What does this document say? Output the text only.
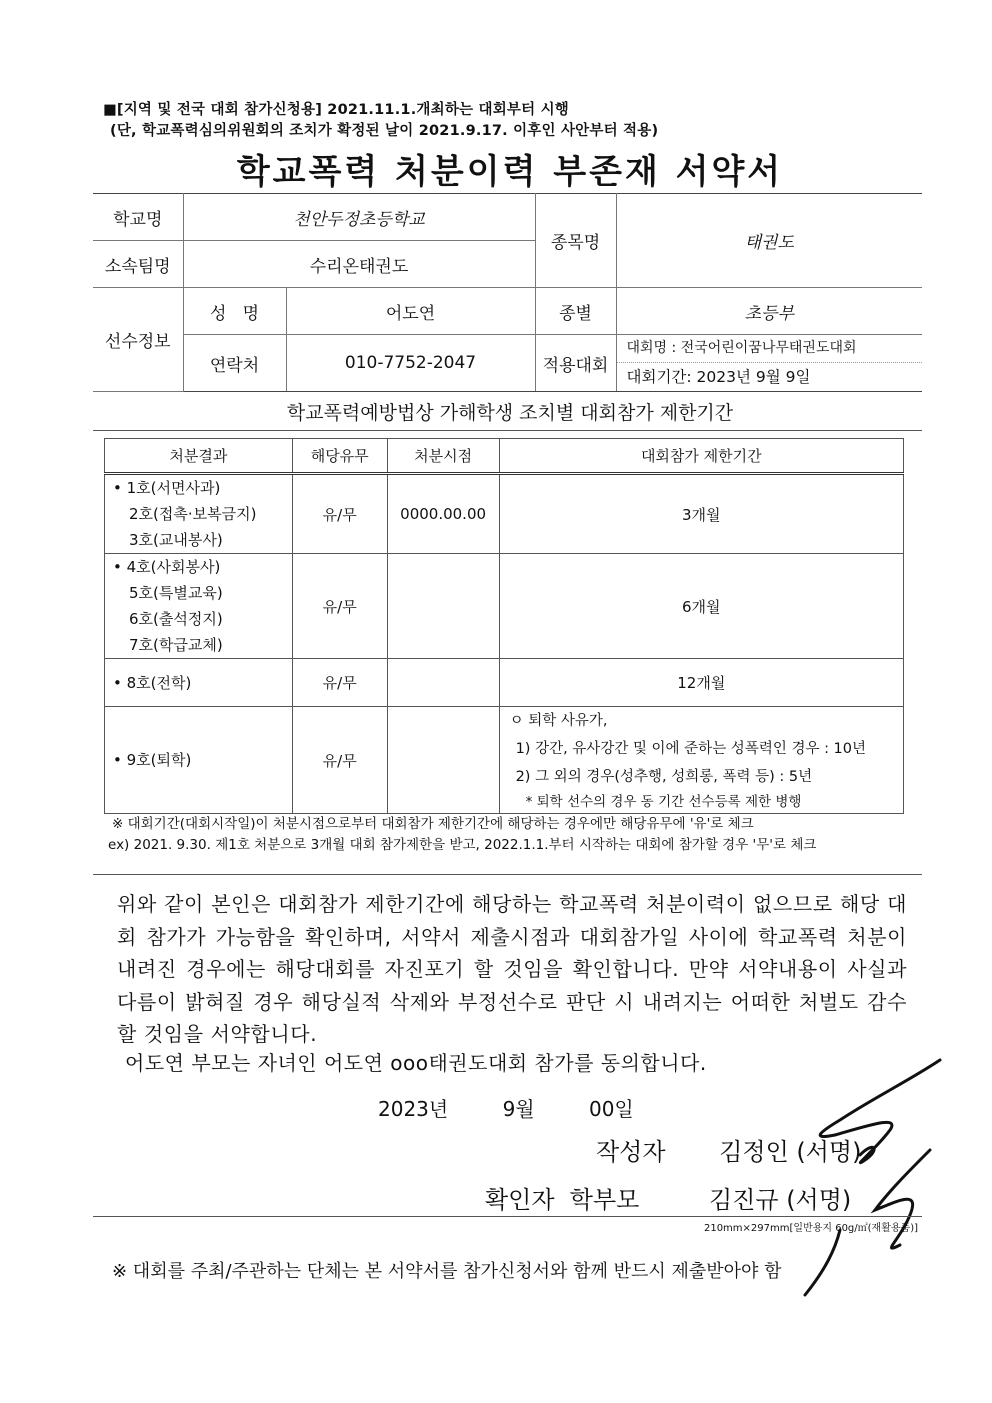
■[지역 및 전국 대회 참가신청용] 2021.11.1.개최하는 대회부터 시행
(단, 학교폭력심의위원회의 조치가 확정된 날이 2021.9.17. 이후인 사안부터 적용)
학교폭력 처분이력 부존재 서약서
학교명	천안두정초등학교		종목명	태권도
소속팀명	수리온태권도			
선수정보	성   명	어도연	종별	초등부
	연락처	010-7752-2047	적용대회	대회명 : 전국어린이꿈나무태권도대회
대회기간: 2023년 9월 9일
학교폭력예방법상 가해학생 조치별 대회참가 제한기간
처분결과	해당유무	처분시점	대회참가 제한기간

• 1호(서면사과)
2호(접촉·보복금지)
3호(교내봉사)	유/무	0000.00.00	3개월

• 4호(사회봉사)
5호(특별교육)
6호(출석정지)
7호(학급교체)	유/무		6개월

• 8호(전학)	유/무		12개월

• 9호(퇴학)	유/무		ㅇ 퇴학 사유가,
1) 강간, 유사강간 및 이에 준하는 성폭력인 경우 : 10년
2) 그 외의 경우(성추행, 성희롱, 폭력 등) : 5년
* 퇴학 선수의 경우 동 기간 선수등록 제한 병행
※ 대회기간(대회시작일)이 처분시점으로부터 대회참가 제한기간에 해당하는 경우에만 해당유무에 '유'로 체크
ex) 2021. 9.30. 제1호 처분으로 3개월 대회 참가제한을 받고, 2022.1.1.부터 시작하는 대회에 참가할 경우 '무'로 체크
위와 같이 본인은 대회참가 제한기간에 해당하는 학교폭력 처분이력이 없으므로 해당 대회 참가가 가능함을 확인하며, 서약서 제출시점과 대회참가일 사이에 학교폭력 처분이 내려진 경우에는 해당대회를 자진포기 할 것임을 확인합니다. 만약 서약내용이 사실과 다름이 밝혀질 경우 해당실적 삭제와 부정선수로 판단 시 내려지는 어떠한 처벌도 감수할 것임을 서약합니다.
어도연 부모는 자녀인 어도연 ooo태권도대회 참가를 동의합니다.
2023년	9월	00일
작성자 김정인 (서명)
확인자  학부모	김진규 (서명)
210mm×297mm[일반용지 60g/㎡(재활용품)]
※ 대회를 주최/주관하는 단체는 본 서약서를 참가신청서와 함께 반드시 제출받아야 함
